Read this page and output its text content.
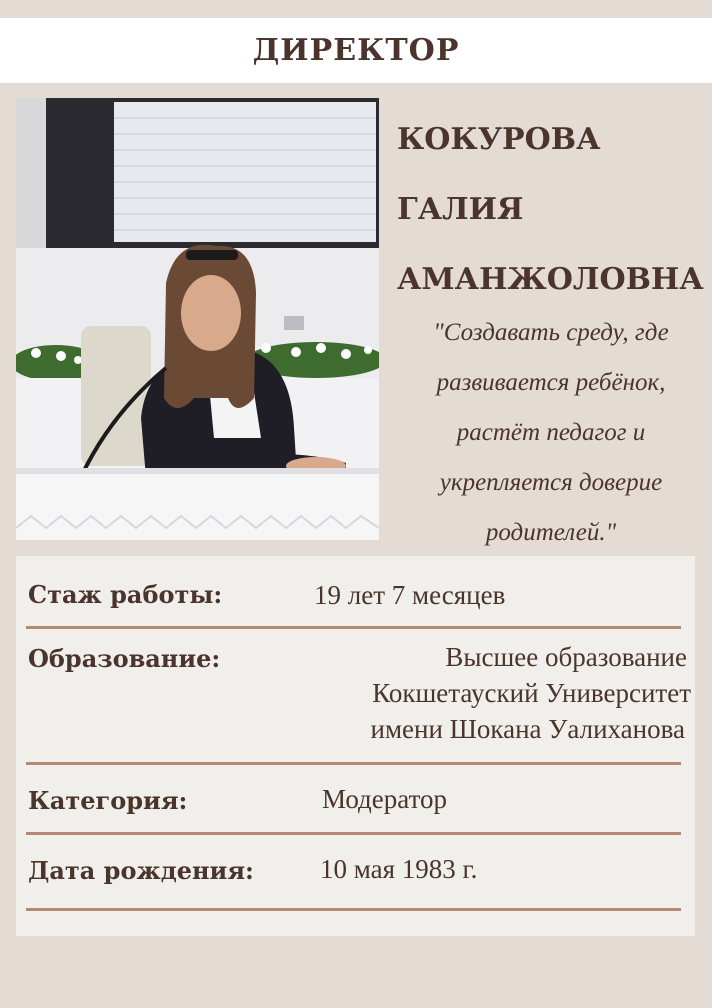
ДИРЕКТОР
КОКУРОВА
ГАЛИЯ
АМАНЖОЛОВНА
"Создавать среду, где
развивается ребёнок,
растёт педагог и
укрепляется доверие
родителей."
Стаж работы:	19 лет 7 месяцев
Образование:	Высшее образование
Кокшетауский Университет
имени Шокана Уалиханова
Категория:	Модератор
Дата рождения: 10 мая 1983 г.
